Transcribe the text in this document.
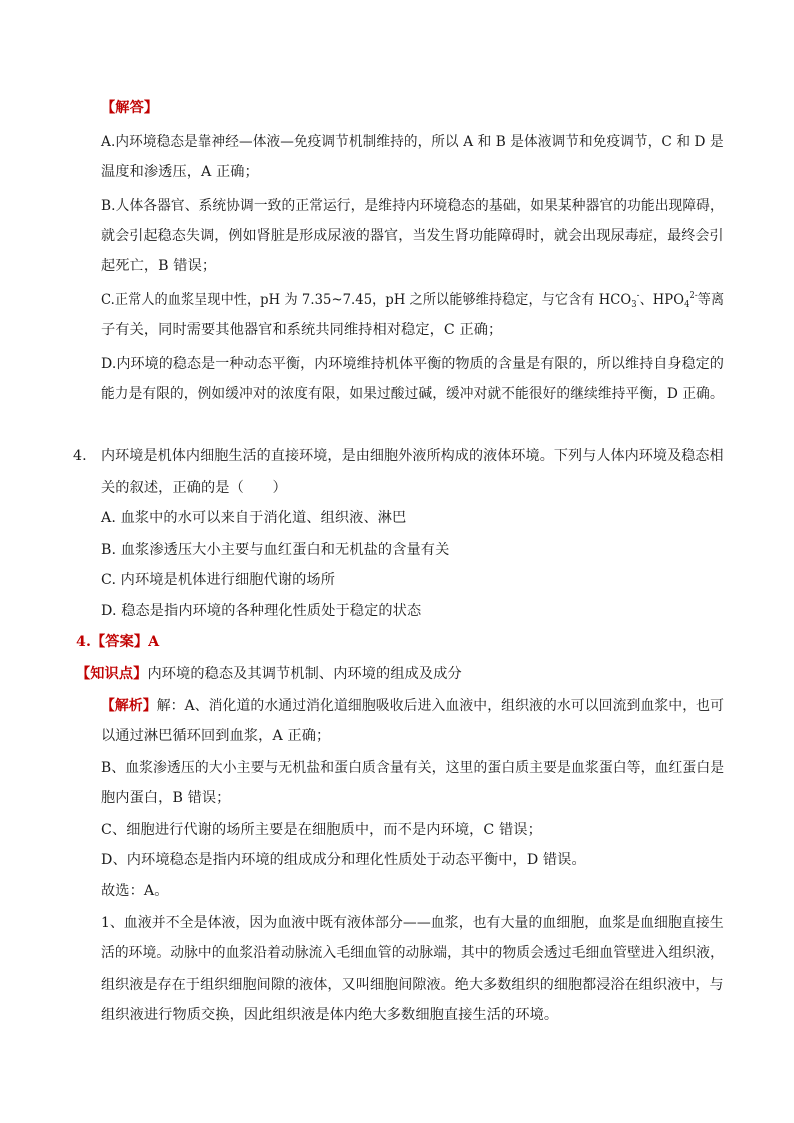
【解答】
A.内环境稳态是靠神经—体液—免疫调节机制维持的，所以 A 和 B 是体液调节和免疫调节，C 和 D 是
温度和渗透压，A 正确；
B.人体各器官、系统协调一致的正常运行，是维持内环境稳态的基础，如果某种器官的功能出现障碍，
就会引起稳态失调，例如肾脏是形成尿液的器官，当发生肾功能障碍时，就会出现尿毒症，最终会引
起死亡，B 错误；
C.正常人的血浆呈现中性，pH 为 7.35~7.45，pH 之所以能够维持稳定，与它含有 $HCO_3^-$、$HPO_4^{2-}$等离
子有关，同时需要其他器官和系统共同维持相对稳定，C 正确；
D.内环境的稳态是一种动态平衡，内环境维持机体平衡的物质的含量是有限的，所以维持自身稳定的
能力是有限的，例如缓冲对的浓度有限，如果过酸过碱，缓冲对就不能很好的继续维持平衡，D 正确。
4. 内环境是机体内细胞生活的直接环境，是由细胞外液所构成的液体环境。下列与人体内环境及稳态相
关的叙述，正确的是（　　）
A. 血浆中的水可以来自于消化道、组织液、淋巴
B. 血浆渗透压大小主要与血红蛋白和无机盐的含量有关
C. 内环境是机体进行细胞代谢的场所
D. 稳态是指内环境的各种理化性质处于稳定的状态
4.【答案】A
【知识点】内环境的稳态及其调节机制、内环境的组成及成分
【解析】解：A、消化道的水通过消化道细胞吸收后进入血液中，组织液的水可以回流到血浆中，也可
以通过淋巴循环回到血浆，A 正确；
B、血浆渗透压的大小主要与无机盐和蛋白质含量有关，这里的蛋白质主要是血浆蛋白等，血红蛋白是
胞内蛋白，B 错误；
C、细胞进行代谢的场所主要是在细胞质中，而不是内环境，C 错误；
D、内环境稳态是指内环境的组成成分和理化性质处于动态平衡中，D 错误。
故选：A。
1、血液并不全是体液，因为血液中既有液体部分——血浆，也有大量的血细胞，血浆是血细胞直接生
活的环境。动脉中的血浆沿着动脉流入毛细血管的动脉端，其中的物质会透过毛细血管壁进入组织液，
组织液是存在于组织细胞间隙的液体，又叫细胞间隙液。绝大多数组织的细胞都浸浴在组织液中，与
组织液进行物质交换，因此组织液是体内绝大多数细胞直接生活的环境。
